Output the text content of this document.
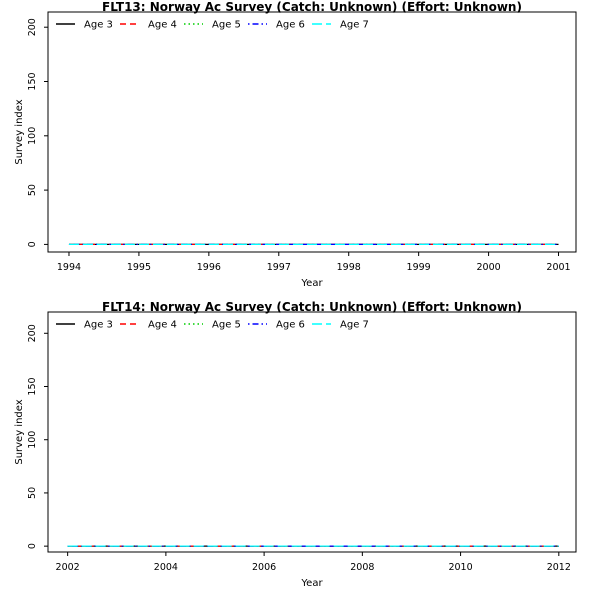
FLT13: Norway Ac Survey (Catch: Unknown) (Effort: Unknown)
Year
Survey index
1994	1995	1996	1997	1998	1999	2000	2001
0
50
100
150
200	Age 3	Age 4	Age 5	Age 6	Age 7
FLT14: Norway Ac Survey (Catch: Unknown) (Effort: Unknown)
Year
Survey index
2002	2004	2006	2008	2010	2012
0
50
100
150
200	Age 3	Age 4	Age 5	Age 6	Age 7
